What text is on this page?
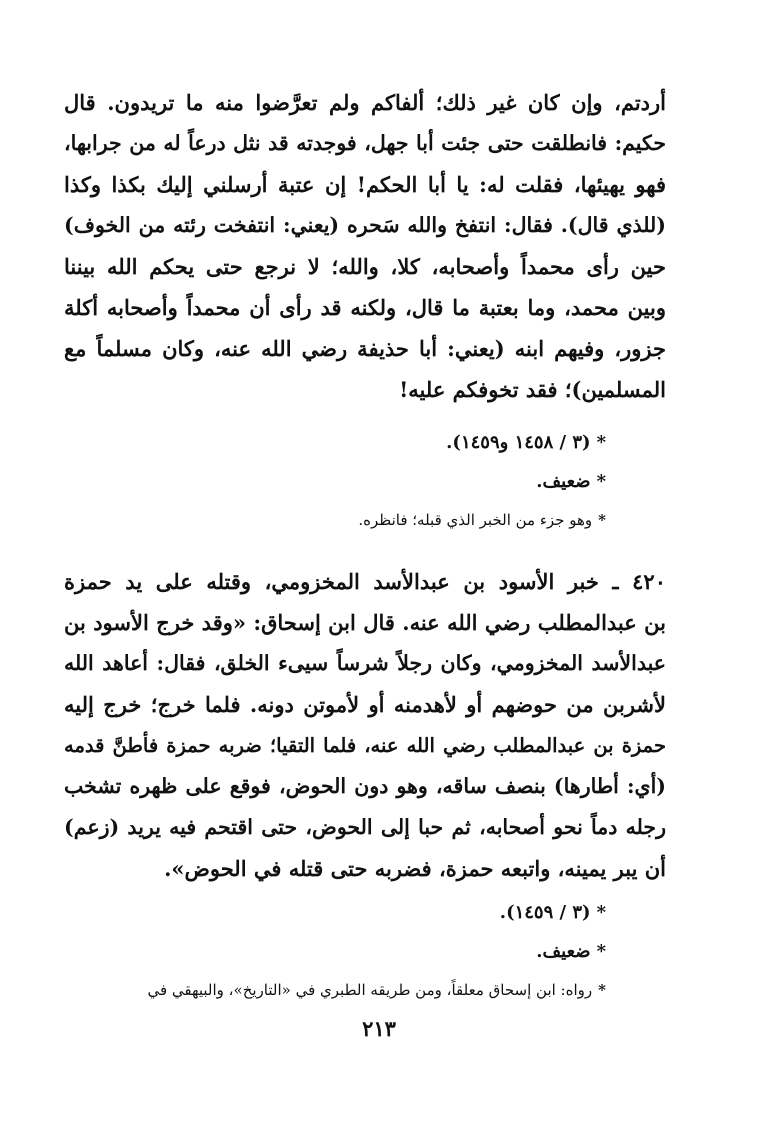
أردتم، وإن كان غير ذلك؛ ألفاكم ولم تعرَّضوا منه ما تريدون. قال
حكيم: فانطلقت حتى جئت أبا جهل، فوجدته قد نثل درعاً له من جرابها،
فهو يهيئها، فقلت له: يا أبا الحكم! إن عتبة أرسلني إليك بكذا وكذا
(للذي قال). فقال: انتفخ والله سَحره (يعني: انتفخت رئته من الخوف)
حين رأى محمداً وأصحابه، كلا، والله؛ لا نرجع حتى يحكم الله بيننا
وبين محمد، وما بعتبة ما قال، ولكنه قد رأى أن محمداً وأصحابه أكلة
جزور، وفيهم ابنه (يعني: أبا حذيفة رضي الله عنه، وكان مسلماً مع
المسلمين)؛ فقد تخوفكم عليه!
*(٣ / ١٤٥٨ و١٤٥٩).
*ضعيف.
*وهو جزء من الخبر الذي قبله؛ فانظره.
٤٢٠ ـ خبر الأسود بن عبدالأسد المخزومي، وقتله على يد حمزة
بن عبدالمطلب رضي الله عنه. قال ابن إسحاق: «وقد خرج الأسود بن
عبدالأسد المخزومي، وكان رجلاً شرساً سيىء الخلق، فقال: أعاهد الله
لأشربن من حوضهم أو لأهدمنه أو لأموتن دونه. فلما خرج؛ خرج إليه
حمزة بن عبدالمطلب رضي الله عنه، فلما التقيا؛ ضربه حمزة فأطنَّ قدمه
(أي: أطارها) بنصف ساقه، وهو دون الحوض، فوقع على ظهره تشخب
رجله دماً نحو أصحابه، ثم حبا إلى الحوض، حتى اقتحم فيه يريد (زعم)
أن يبر يمينه، واتبعه حمزة، فضربه حتى قتله في الحوض».
*(٣ / ١٤٥٩).
*ضعيف.
*رواه: ابن إسحاق معلقاً، ومن طريقه الطبري في «التاريخ»، والبيهقي في
٢١٣
